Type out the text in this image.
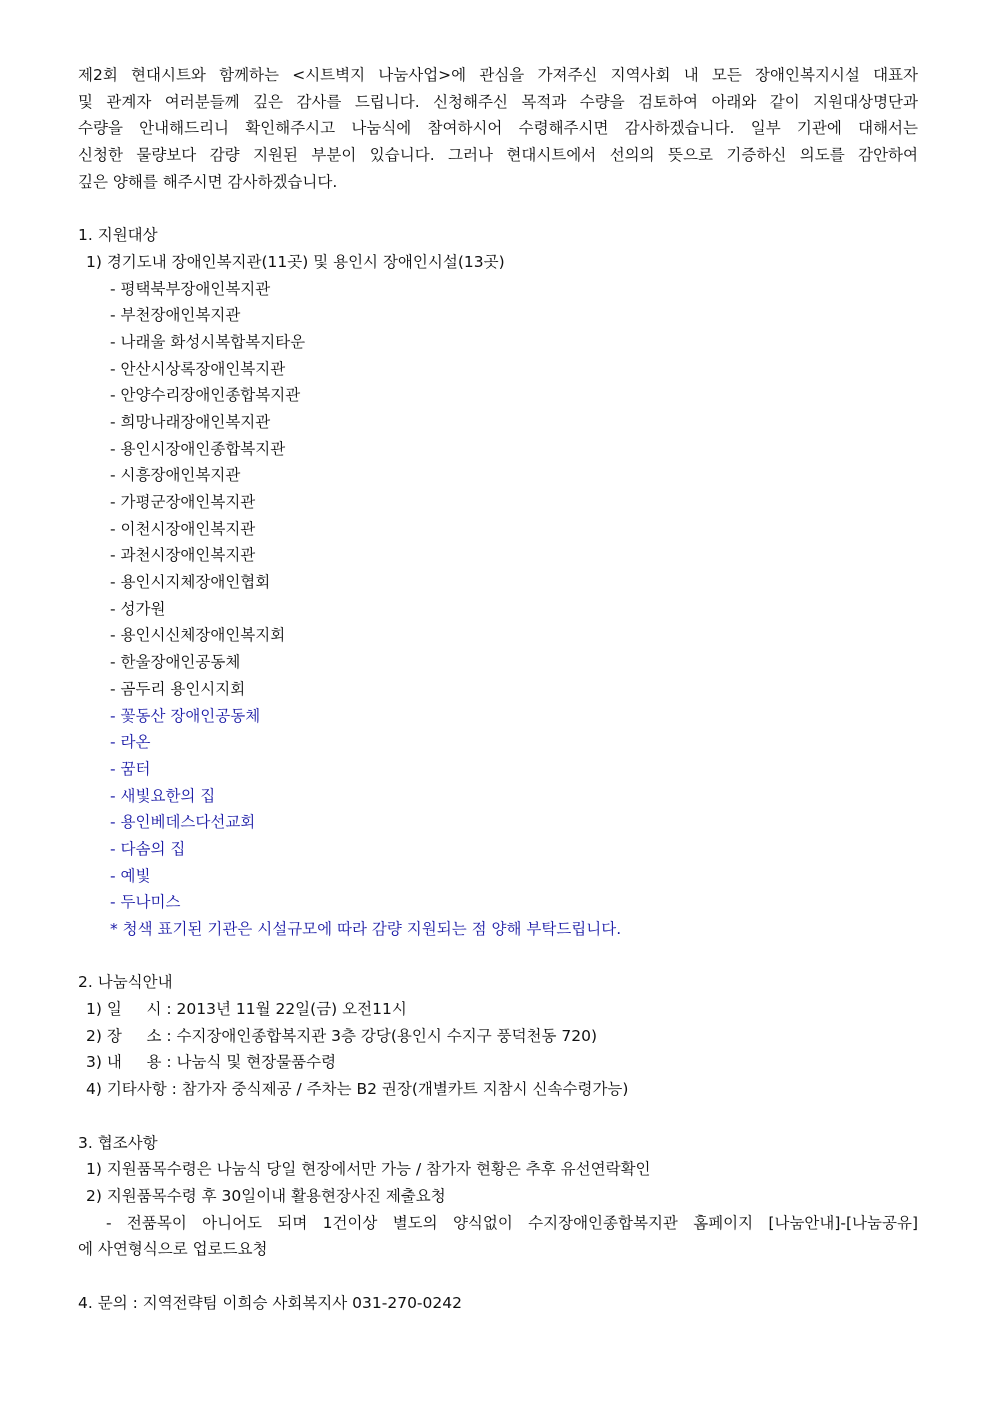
제2회 현대시트와 함께하는 <시트벽지 나눔사업>에 관심을 가져주신 지역사회 내 모든 장애인복지시설 대표자
및 관계자 여러분들께 깊은 감사를 드립니다. 신청해주신 목적과 수량을 검토하여 아래와 같이 지원대상명단과
수량을 안내해드리니 확인해주시고 나눔식에 참여하시어 수령해주시면 감사하겠습니다. 일부 기관에 대해서는
신청한 물량보다 감량 지원된 부분이 있습니다. 그러나 현대시트에서 선의의 뜻으로 기증하신 의도를 감안하여
깊은 양해를 해주시면 감사하겠습니다.
1. 지원대상
1) 경기도내 장애인복지관(11곳) 및 용인시 장애인시설(13곳)
- 평택북부장애인복지관
- 부천장애인복지관
- 나래울 화성시복합복지타운
- 안산시상록장애인복지관
- 안양수리장애인종합복지관
- 희망나래장애인복지관
- 용인시장애인종합복지관
- 시흥장애인복지관
- 가평군장애인복지관
- 이천시장애인복지관
- 과천시장애인복지관
- 용인시지체장애인협회
- 성가원
- 용인시신체장애인복지회
- 한울장애인공동체
- 곰두리 용인시지회
- 꽃동산 장애인공동체
- 라온
- 꿈터
- 새빛요한의 집
- 용인베데스다선교회
- 다솜의 집
- 예빛
- 두나미스
* 청색 표기된 기관은 시설규모에 따라 감량 지원되는 점 양해 부탁드립니다.
2. 나눔식안내
1) 일     시 : 2013년 11월 22일(금) 오전11시
2) 장     소 : 수지장애인종합복지관 3층 강당(용인시 수지구 풍덕천동 720)
3) 내     용 : 나눔식 및 현장물품수령
4) 기타사항 : 참가자 중식제공 / 주차는 B2 권장(개별카트 지참시 신속수령가능)
3. 협조사항
1) 지원품목수령은 나눔식 당일 현장에서만 가능 / 참가자 현황은 추후 유선연락확인
2) 지원품목수령 후 30일이내 활용현장사진 제출요청
- 전품목이 아니어도 되며 1건이상 별도의 양식없이 수지장애인종합복지관 홈페이지 [나눔안내]-[나눔공유]
에 사연형식으로 업로드요청
4. 문의 : 지역전략팀 이희승 사회복지사 031-270-0242
